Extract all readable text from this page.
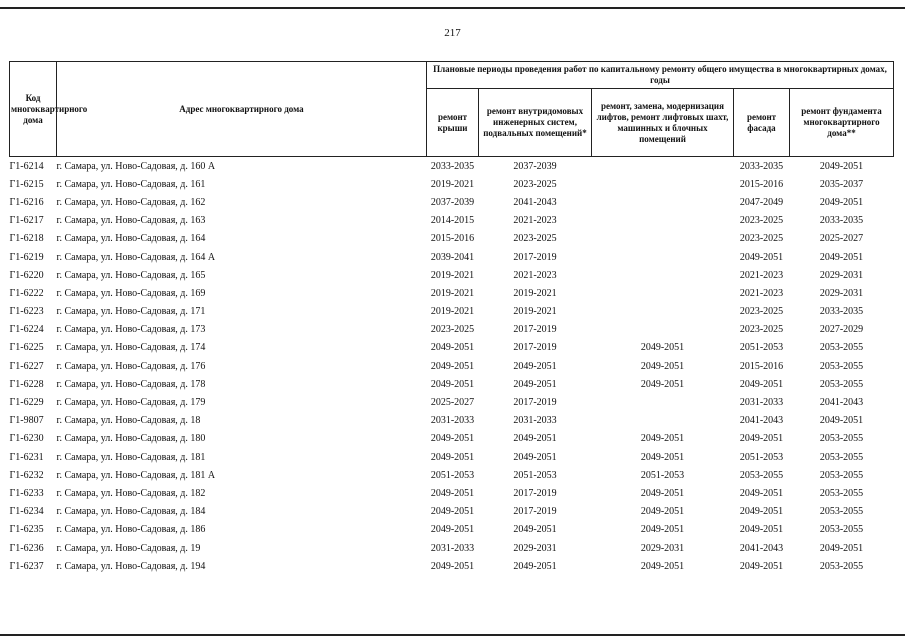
217
Код многоквартирного дома	Адрес многоквартирного дома	Плановые периоды проведения работ по капитальному ремонту общего имущества в многоквартирных домах, годы				
		ремонт крыши	ремонт внутридомовых инженерных систем, подвальных помещений*	ремонт, замена, модернизация лифтов, ремонт лифтовых шахт, машинных и блочных помещений	ремонт фасада	ремонт фундамента многоквартирного дома**
Г1-6214	г. Самара, ул. Ново-Садовая, д. 160 А	2033-2035	2037-2039		2033-2035	2049-2051
Г1-6215	г. Самара, ул. Ново-Садовая, д. 161	2019-2021	2023-2025		2015-2016	2035-2037
Г1-6216	г. Самара, ул. Ново-Садовая, д. 162	2037-2039	2041-2043		2047-2049	2049-2051
Г1-6217	г. Самара, ул. Ново-Садовая, д. 163	2014-2015	2021-2023		2023-2025	2033-2035
Г1-6218	г. Самара, ул. Ново-Садовая, д. 164	2015-2016	2023-2025		2023-2025	2025-2027
Г1-6219	г. Самара, ул. Ново-Садовая, д. 164 А	2039-2041	2017-2019		2049-2051	2049-2051
Г1-6220	г. Самара, ул. Ново-Садовая, д. 165	2019-2021	2021-2023		2021-2023	2029-2031
Г1-6222	г. Самара, ул. Ново-Садовая, д. 169	2019-2021	2019-2021		2021-2023	2029-2031
Г1-6223	г. Самара, ул. Ново-Садовая, д. 171	2019-2021	2019-2021		2023-2025	2033-2035
Г1-6224	г. Самара, ул. Ново-Садовая, д. 173	2023-2025	2017-2019		2023-2025	2027-2029
Г1-6225	г. Самара, ул. Ново-Садовая, д. 174	2049-2051	2017-2019	2049-2051	2051-2053	2053-2055
Г1-6227	г. Самара, ул. Ново-Садовая, д. 176	2049-2051	2049-2051	2049-2051	2015-2016	2053-2055
Г1-6228	г. Самара, ул. Ново-Садовая, д. 178	2049-2051	2049-2051	2049-2051	2049-2051	2053-2055
Г1-6229	г. Самара, ул. Ново-Садовая, д. 179	2025-2027	2017-2019		2031-2033	2041-2043
Г1-9807	г. Самара, ул. Ново-Садовая, д. 18	2031-2033	2031-2033		2041-2043	2049-2051
Г1-6230	г. Самара, ул. Ново-Садовая, д. 180	2049-2051	2049-2051	2049-2051	2049-2051	2053-2055
Г1-6231	г. Самара, ул. Ново-Садовая, д. 181	2049-2051	2049-2051	2049-2051	2051-2053	2053-2055
Г1-6232	г. Самара, ул. Ново-Садовая, д. 181 А	2051-2053	2051-2053	2051-2053	2053-2055	2053-2055
Г1-6233	г. Самара, ул. Ново-Садовая, д. 182	2049-2051	2017-2019	2049-2051	2049-2051	2053-2055
Г1-6234	г. Самара, ул. Ново-Садовая, д. 184	2049-2051	2017-2019	2049-2051	2049-2051	2053-2055
Г1-6235	г. Самара, ул. Ново-Садовая, д. 186	2049-2051	2049-2051	2049-2051	2049-2051	2053-2055
Г1-6236	г. Самара, ул. Ново-Садовая, д. 19	2031-2033	2029-2031	2029-2031	2041-2043	2049-2051
Г1-6237	г. Самара, ул. Ново-Садовая, д. 194	2049-2051	2049-2051	2049-2051	2049-2051	2053-2055
